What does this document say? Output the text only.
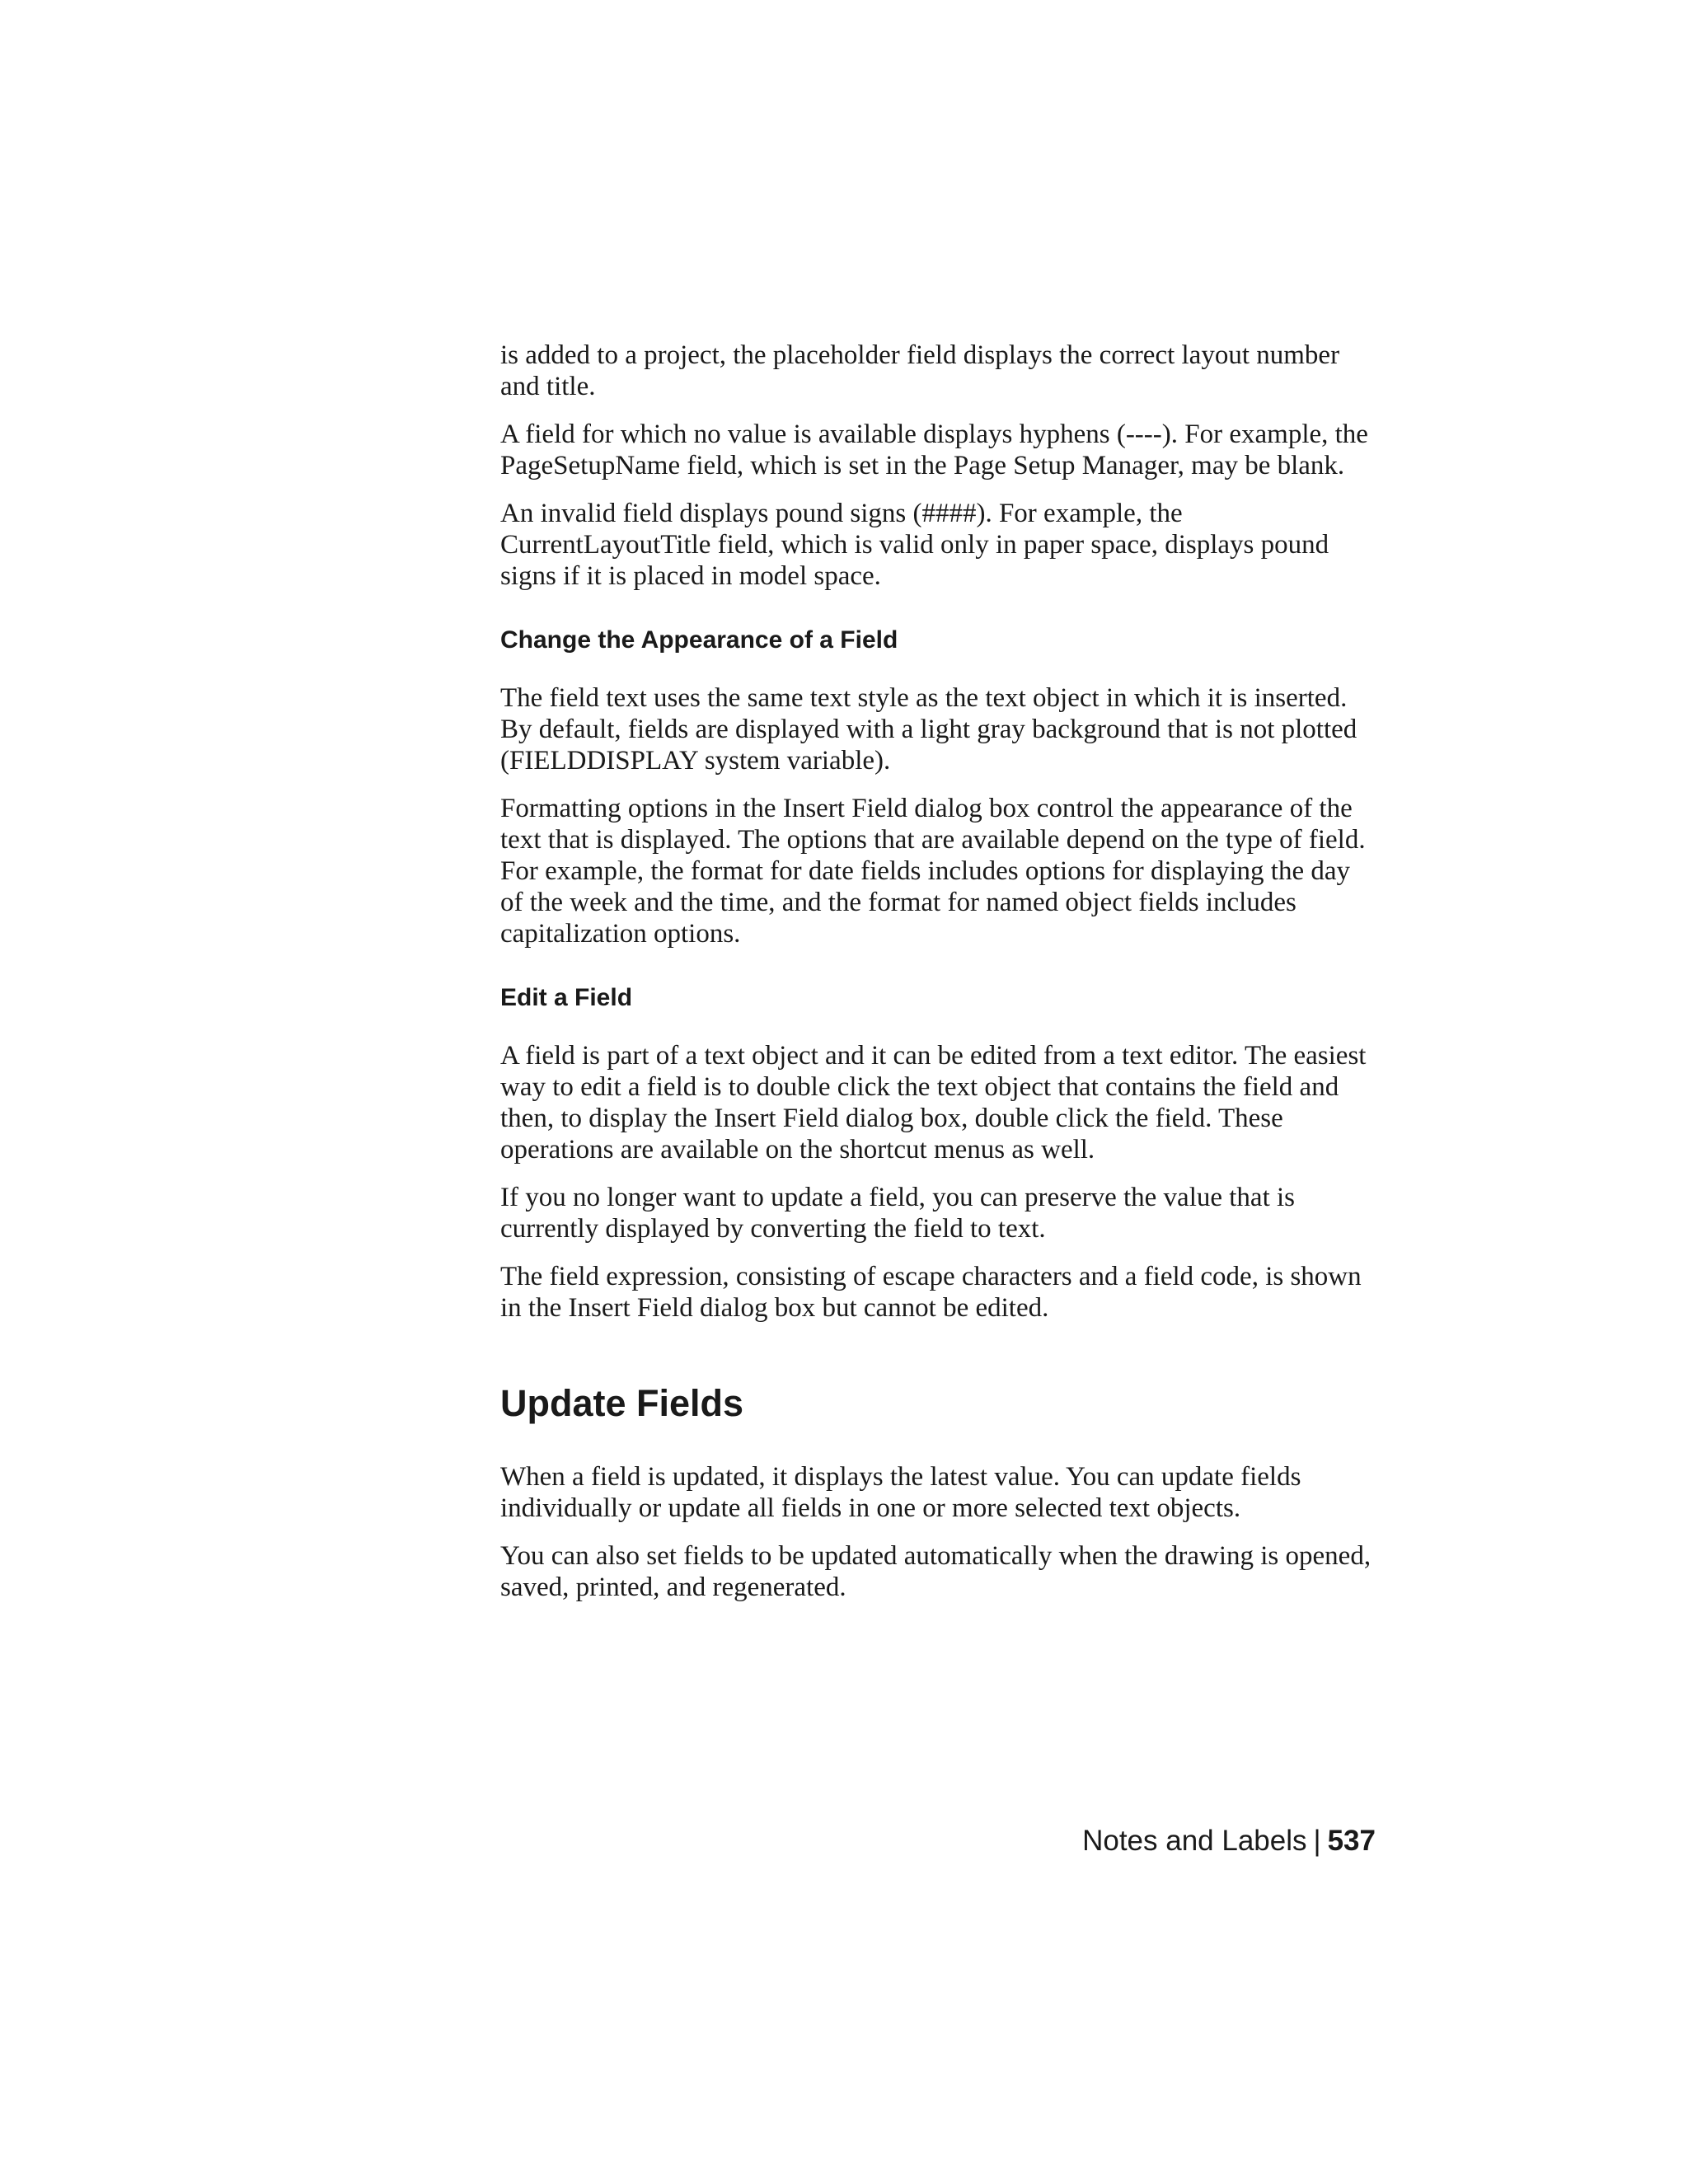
is added to a project, the placeholder field displays the correct layout number and title.

A field for which no value is available displays hyphens (----). For example, the PageSetupName field, which is set in the Page Setup Manager, may be blank.

An invalid field displays pound signs (####). For example, the CurrentLayoutTitle field, which is valid only in paper space, displays pound signs if it is placed in model space.

Change the Appearance of a Field

The field text uses the same text style as the text object in which it is inserted. By default, fields are displayed with a light gray background that is not plotted (FIELDDISPLAY system variable).

Formatting options in the Insert Field dialog box control the appearance of the text that is displayed. The options that are available depend on the type of field. For example, the format for date fields includes options for displaying the day of the week and the time, and the format for named object fields includes capitalization options.

Edit a Field

A field is part of a text object and it can be edited from a text editor. The easiest way to edit a field is to double click the text object that contains the field and then, to display the Insert Field dialog box, double click the field. These operations are available on the shortcut menus as well.

If you no longer want to update a field, you can preserve the value that is currently displayed by converting the field to text.

The field expression, consisting of escape characters and a field code, is shown in the Insert Field dialog box but cannot be edited.

Update Fields

When a field is updated, it displays the latest value. You can update fields individually or update all fields in one or more selected text objects.

You can also set fields to be updated automatically when the drawing is opened, saved, printed, and regenerated.

Notes and Labels | 537
